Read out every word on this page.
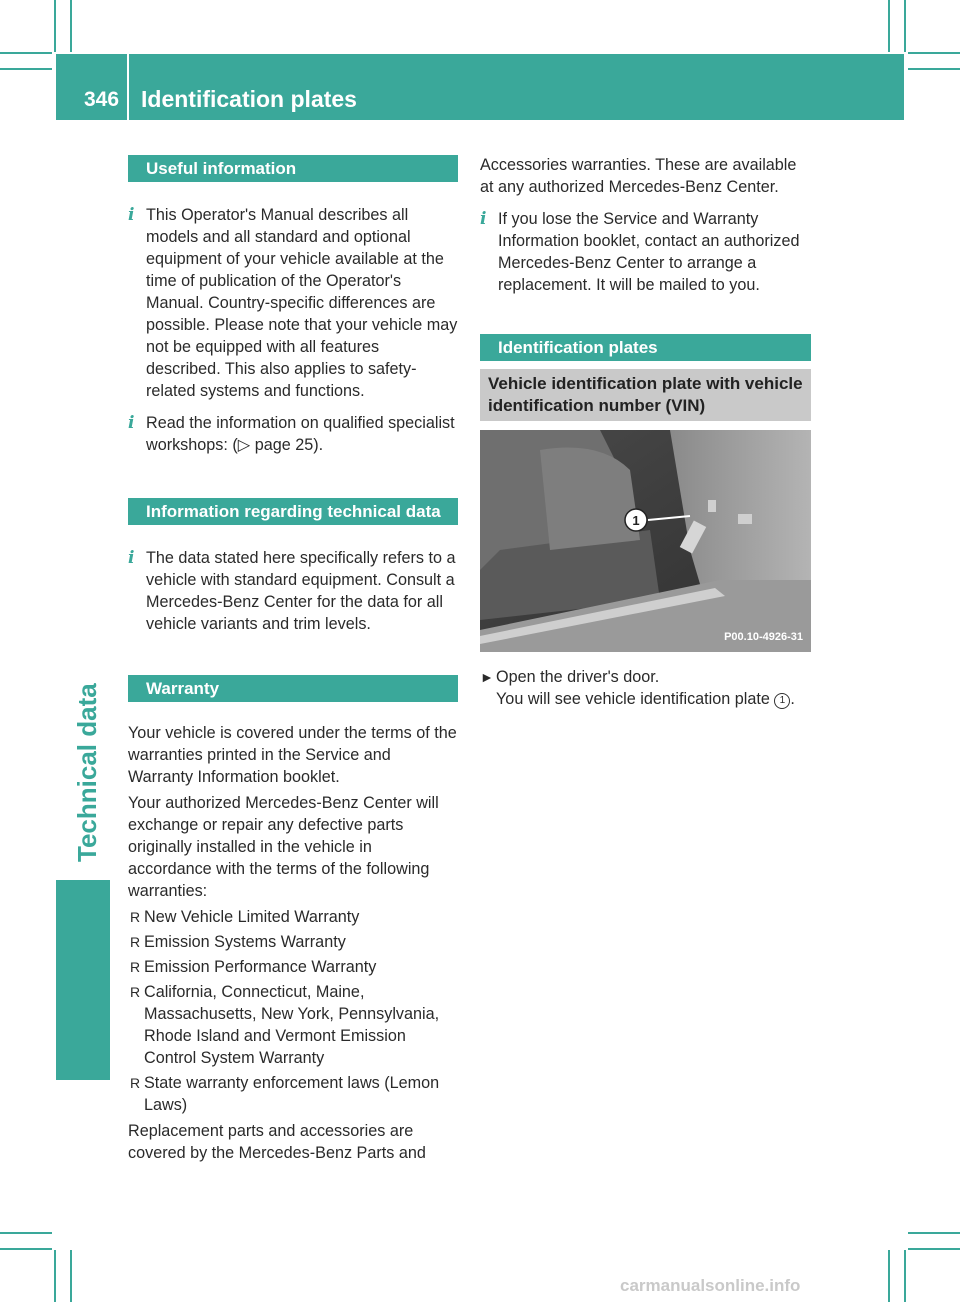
346 Identification plates
Technical data
Useful information
i This Operator's Manual describes all models and all standard and optional equipment of your vehicle available at the time of publication of the Operator's Manual. Country-specific differences are possible. Please note that your vehicle may not be equipped with all features described. This also applies to safety-related systems and functions.

i Read the information on qualified specialist workshops: (▷ page 25).

Information regarding technical data
i The data stated here specifically refers to a vehicle with standard equipment. Consult a Mercedes-Benz Center for the data for all vehicle variants and trim levels.

Warranty

Your vehicle is covered under the terms of the warranties printed in the Service and Warranty Information booklet.

Your authorized Mercedes-Benz Center will exchange or repair any defective parts originally installed in the vehicle in accordance with the terms of the following warranties:

R New Vehicle Limited Warranty

R Emission Systems Warranty

R Emission Performance Warranty

R California, Connecticut, Maine, Massachusetts, New York, Pennsylvania, Rhode Island and Vermont Emission Control System Warranty

R State warranty enforcement laws (Lemon Laws)

Replacement parts and accessories are covered by the Mercedes-Benz Parts and

Accessories warranties. These are available at any authorized Mercedes-Benz Center.

i If you lose the Service and Warranty Information booklet, contact an authorized Mercedes-Benz Center to arrange a replacement. It will be mailed to you.

Identification plates
Vehicle identification plate with vehicle identification number (VIN)
1
P00.10-4926-31
► Open the driver's door.

You will see vehicle identification plate 1 .

carmanualsonline.info
